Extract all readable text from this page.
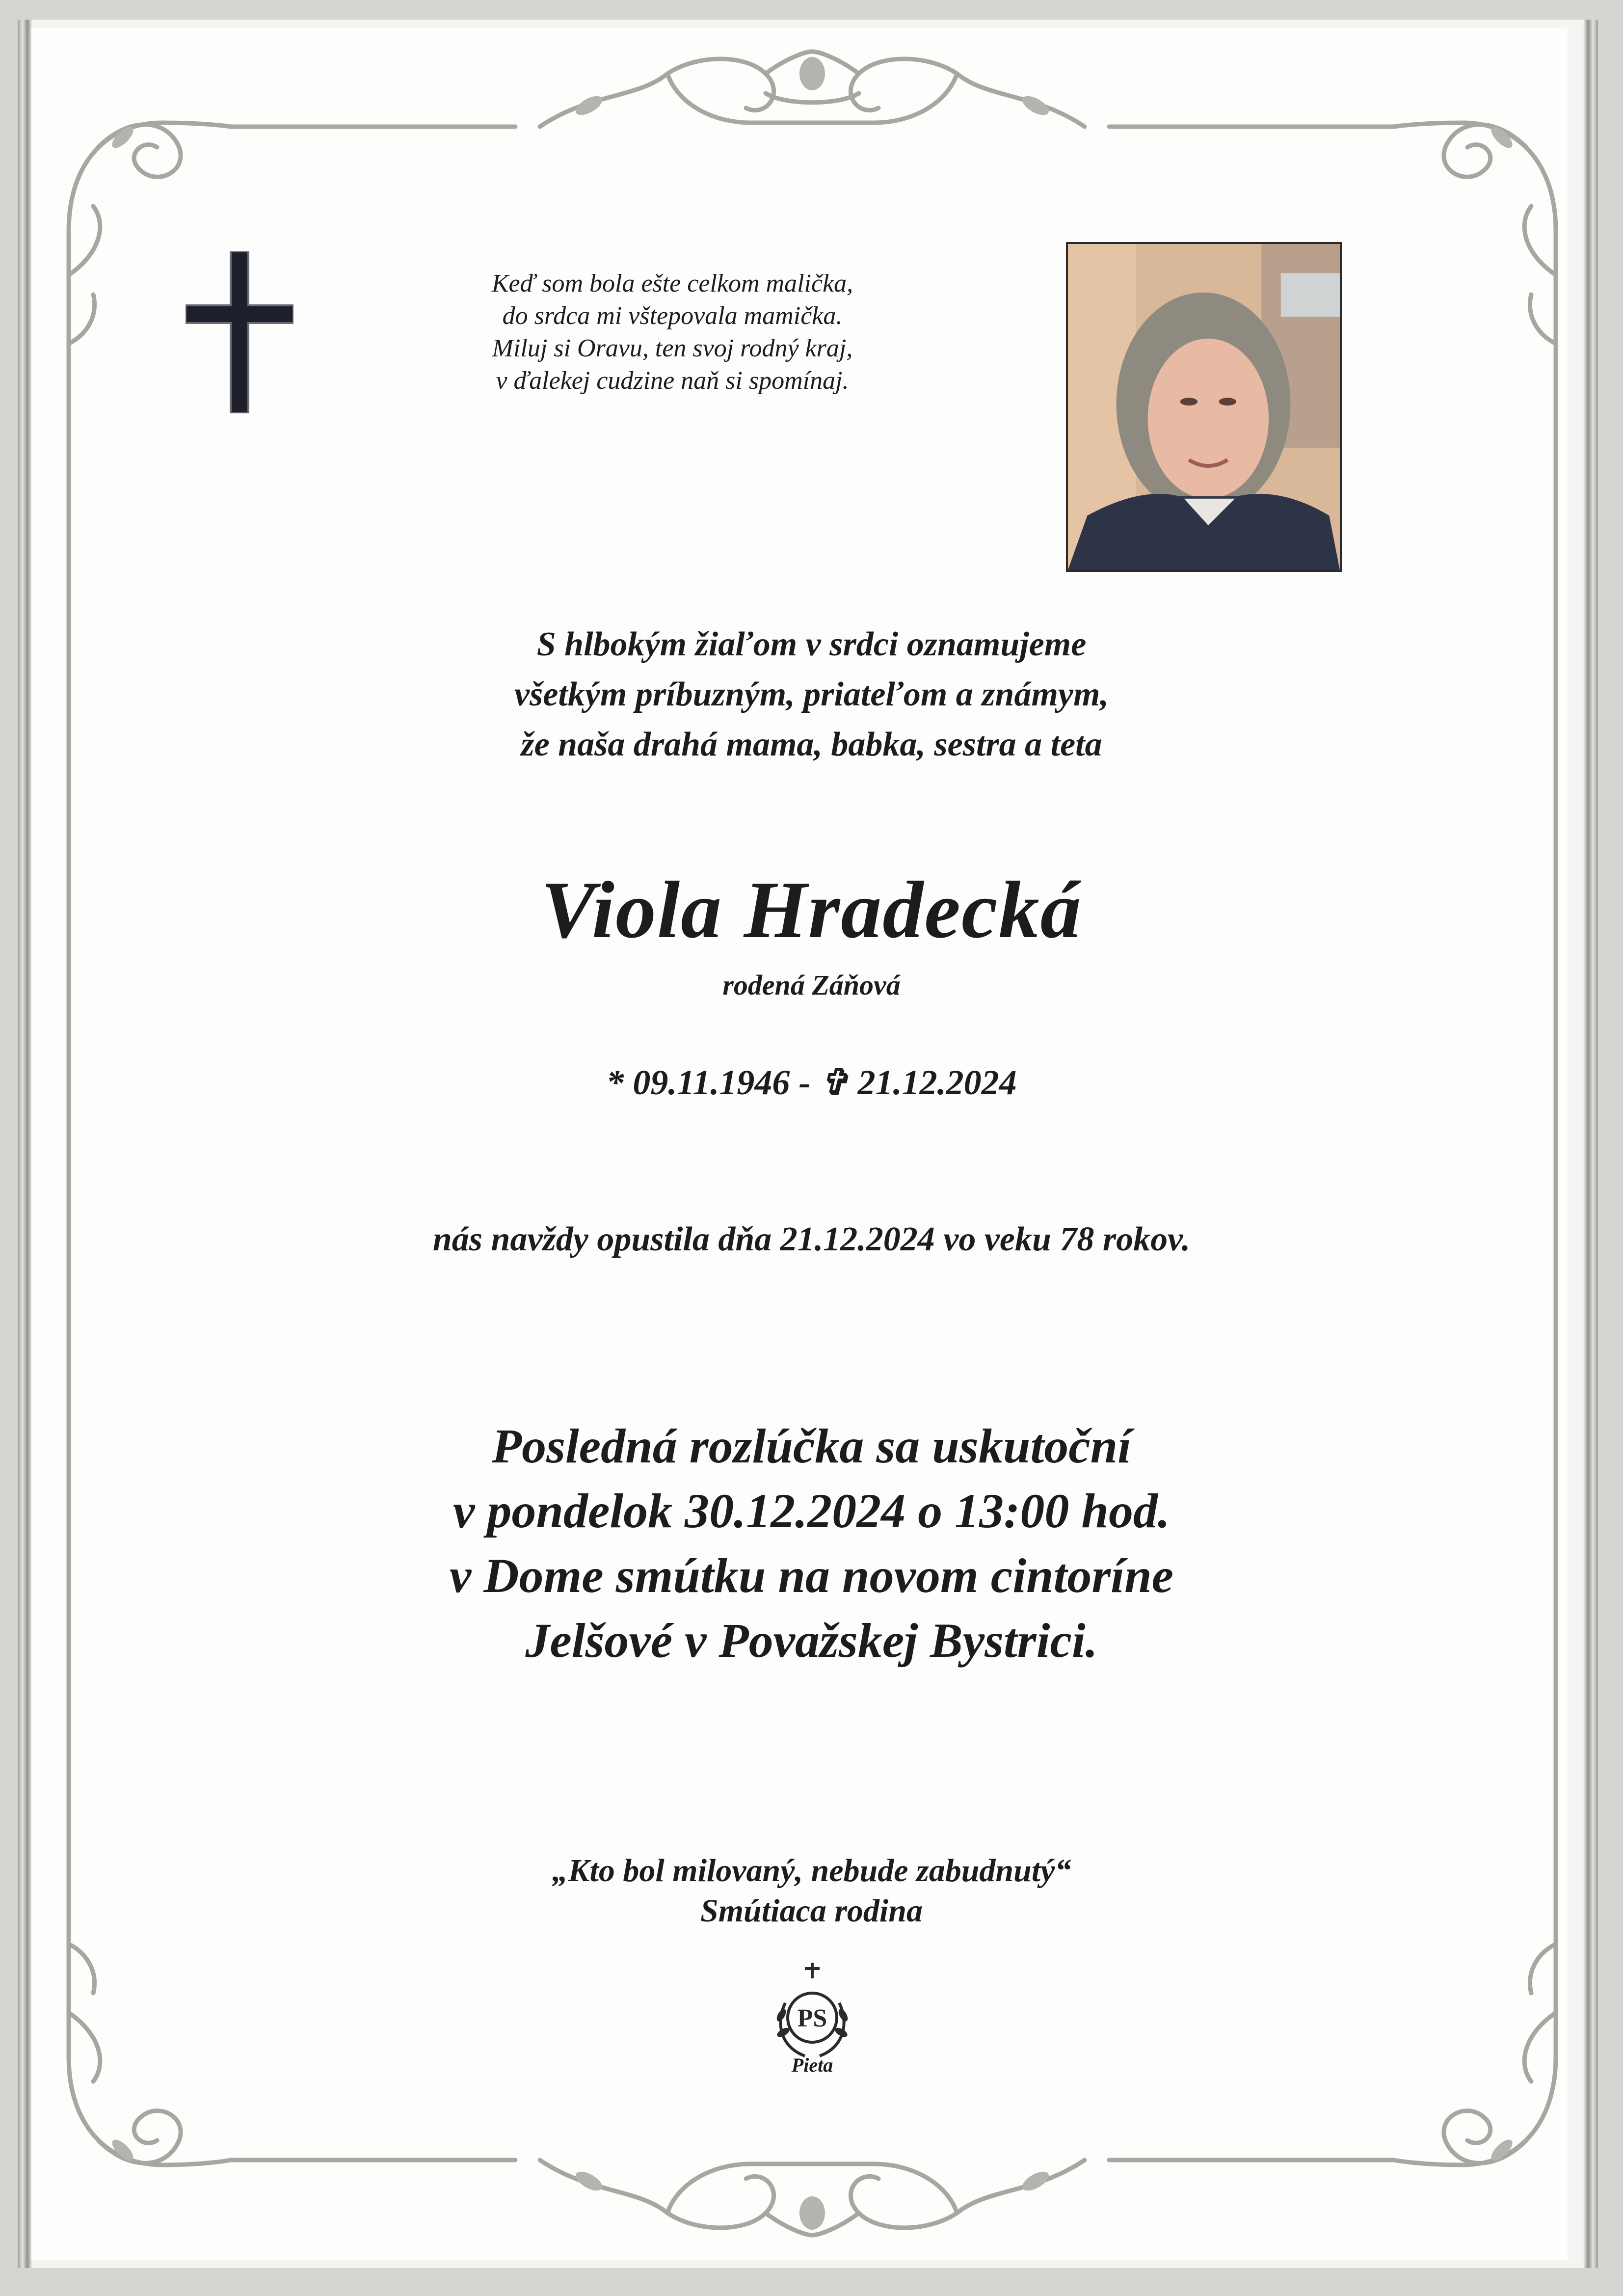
Keď som bola ešte celkom malička,
do srdca mi vštepovala mamička.
Miluj si Oravu, ten svoj rodný kraj,
v ďalekej cudzine naň si spomínaj.
S hlbokým žiaľom v srdci oznamujeme
všetkým príbuzným, priateľom a známym,
že naša drahá mama, babka, sestra a teta
Viola Hradecká
rodená Záňová
* 09.11.1946 - ✞ 21.12.2024
nás navždy opustila dňa 21.12.2024 vo veku 78 rokov.
Posledná rozlúčka sa uskutoční
v pondelok 30.12.2024 o 13:00 hod.
v Dome smútku na novom cintoríne
Jelšové v Považskej Bystrici.
„Kto bol milovaný, nebude zabudnutý“
Smútiaca rodina
PS
Pieta
